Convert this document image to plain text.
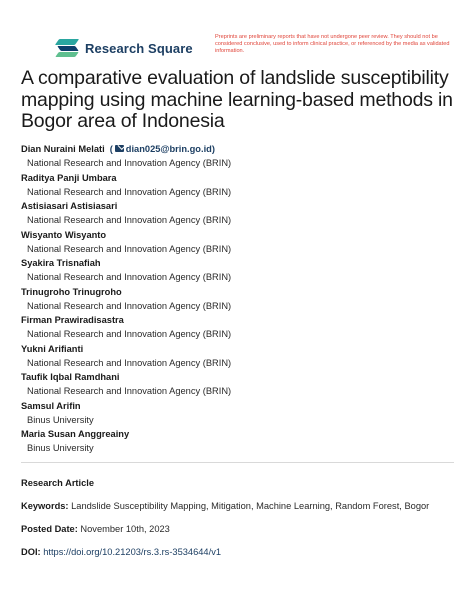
Research Square
Preprints are preliminary reports that have not undergone peer review. They should not be considered conclusive, used to inform clinical practice, or referenced by the media as validated information.
A comparative evaluation of landslide susceptibility mapping using machine learning-based methods in Bogor area of Indonesia
Dian Nuraini Melati ( dian025@brin.go.id)
National Research and Innovation Agency (BRIN)
Raditya Panji Umbara
National Research and Innovation Agency (BRIN)
Astisiasari Astisiasari
National Research and Innovation Agency (BRIN)
Wisyanto Wisyanto
National Research and Innovation Agency (BRIN)
Syakira Trisnafiah
National Research and Innovation Agency (BRIN)
Trinugroho Trinugroho
National Research and Innovation Agency (BRIN)
Firman Prawiradisastra
National Research and Innovation Agency (BRIN)
Yukni Arifianti
National Research and Innovation Agency (BRIN)
Taufik Iqbal Ramdhani
National Research and Innovation Agency (BRIN)
Samsul Arifin
Binus University
Maria Susan Anggreainy
Binus University
Research Article
Keywords: Landslide Susceptibility Mapping, Mitigation, Machine Learning, Random Forest, Bogor
Posted Date: November 10th, 2023
DOI: https://doi.org/10.21203/rs.3.rs-3534644/v1
